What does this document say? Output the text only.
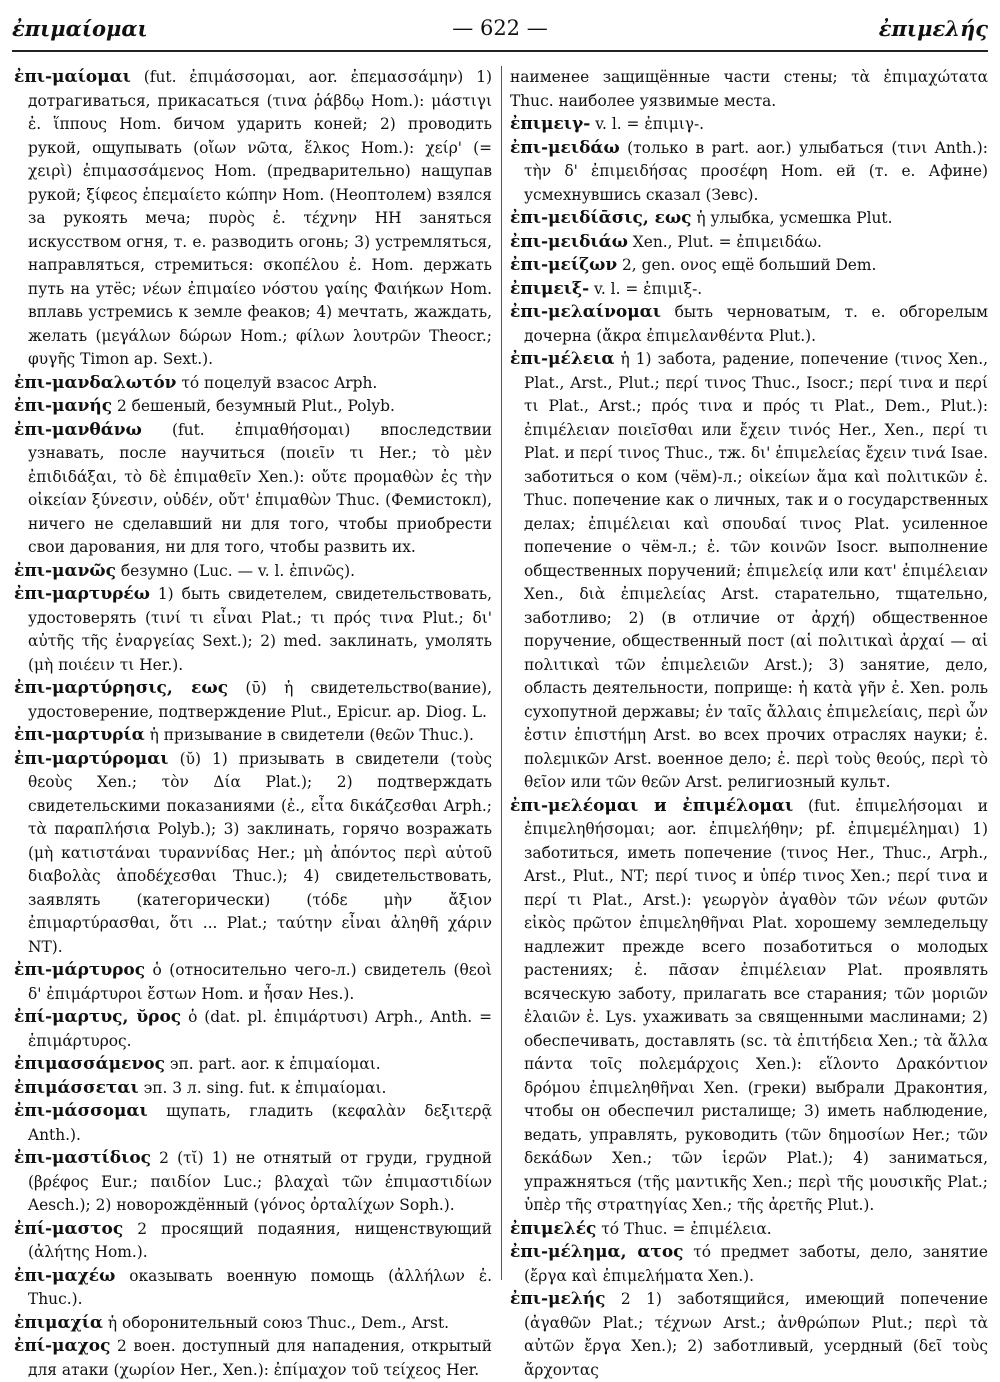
ἐπιμαίομαι	— 622 —	ἐπιμελής

ἐπι-μαίομαι (fut. ἐπιμάσσομαι, aor. ἐπεμασσάμην) 1) дотрагиваться, прикасаться (τινα ῥάβδῳ Hom.): μάστιγι ἐ. ἵππους Hom. бичом ударить коней; 2) проводить рукой, ощупывать (οἴων νῶτα, ἕλκος Hom.): χείρ' (= χειρὶ) ἐπιμασσάμενος Hom. (предварительно) нащупав рукой; ξίφεος ἐπεμαίετο κώπην Hom. (Неоптолем) взялся за рукоять меча; πυρὸς ἐ. τέχνην НН заняться искусством огня, т. е. разводить огонь; 3) устремляться, направляться, стремиться: σκοπέλου ἐ. Hom. держать путь на утёс; νέων ἐπιμαίεο νόστου γαίης Φαιήκων Hom. вплавь устремись к земле феаков; 4) мечтать, жаждать, желать (μεγάλων δώρων Hom.; φίλων λουτρῶν Theocr.; φυγῆς Timon ap. Sext.).

ἐπι-μανδαλωτόν τό поцелуй взасос Arph.

ἐπι-μανής 2 бешеный, безумный Plut., Polyb.

ἐπι-μανθάνω (fut. ἐπιμαθήσομαι) впоследствии узнавать, после научиться (ποιεῖν τι Her.; τὸ μὲν ἐπιδιδάξαι, τὸ δὲ ἐπιμαθεῖν Xen.): οὔτε προμαθὼν ἐς τὴν οἰκείαν ξύνεσιν, οὐδέν, οὔτ' ἐπιμαθὼν Thuc. (Фемистокл), ничего не сделавший ни для того, чтобы приобрести свои дарования, ни для того, чтобы развить их.

ἐπι-μανῶς безумно (Luc. — v. l. ἐπινῶς).

ἐπι-μαρτυρέω 1) быть свидетелем, свидетельствовать, удостоверять (τινί τι εἶναι Plat.; τι πρός τινα Plut.; δι' αὐτῆς τῆς ἐναργείας Sext.); 2) med. заклинать, умолять (μὴ ποιέειν τι Her.).

ἐπι-μαρτύρησις, εως (ῡ) ἡ свидетельство(вание), удостоверение, подтверждение Plut., Epicur. ap. Diog. L.

ἐπι-μαρτυρία ἡ призывание в свидетели (θεῶν Thuc.).

ἐπι-μαρτύρομαι (ῠ) 1) призывать в свидетели (τοὺς θεοὺς Xen.; τὸν Δία Plat.); 2) подтверждать свидетельскими показаниями (ἐ., εἶτα δικάζεσθαι Arph.; τὰ παραπλήσια Polyb.); 3) заклинать, горячо возражать (μὴ κατιστάναι τυραννίδας Her.; μὴ ἀπόντος περὶ αὐτοῦ διαβολὰς ἀποδέχεσθαι Thuc.); 4) свидетельствовать, заявлять (категорически) (τόδε μὴν ἄξιον ἐπιμαρτύρασθαι, ὅτι ... Plat.; ταύτην εἶναι ἀληθῆ χάριν NT).

ἐπι-μάρτυρος ὁ (относительно чего-л.) свидетель (θεοὶ δ' ἐπιμάρτυροι ἔστων Hom. и ἦσαν Hes.).

ἐπί-μαρτυς, ῠρος ὁ (dat. pl. ἐπιμάρτυσι) Arph., Anth. = ἐπιμάρτυρος.

ἐπιμασσάμενος эп. part. aor. к ἐπιμαίομαι.

ἐπιμάσσεται эп. 3 л. sing. fut. к ἐπιμαίομαι.

ἐπι-μάσσομαι щупать, гладить (κεφαλὰν δεξιτερᾷ Anth.).

ἐπι-μαστίδιος 2 (τῐ) 1) не отнятый от груди, грудной (βρέφος Eur.; παιδίον Luc.; βλαχαὶ τῶν ἐπιμαστιδίων Aesch.); 2) новорождённый (γόνος ὀρταλίχων Soph.).

ἐπί-μαστος 2 просящий подаяния, нищенствующий (ἀλήτης Hom.).

ἐπι-μαχέω оказывать военную помощь (ἀλλήλων ἐ. Thuc.).

ἐπιμαχία ἡ оборонительный союз Thuc., Dem., Arst.

ἐπί-μαχος 2 воен. доступный для нападения, открытый для атаки (χωρίον Her., Xen.): ἐπίμαχον τοῦ τείχεος Her.

наименее защищённые части стены; τὰ ἐπιμαχώτατα Thuc. наиболее уязвимые места.

ἐπιμειγ- v. l. = ἐπιμιγ-.

ἐπι-μειδάω (только в part. aor.) улыбаться (τινι Anth.): τὴν δ' ἐπιμειδήσας προσέφη Hom. ей (т. е. Афине) усмехнувшись сказал (Зевс).

ἐπι-μειδίᾱσις, εως ἡ улыбка, усмешка Plut.

ἐπι-μειδιάω Xen., Plut. = ἐπιμειδάω.

ἐπι-μείζων 2, gen. ονος ещё больший Dem.

ἐπιμειξ- v. l. = ἐπιμιξ-.

ἐπι-μελαίνομαι быть черноватым, т. е. обгорелым дочерна (ἄκρα ἐπιμελανθέντα Plut.).

ἐπι-μέλεια ἡ 1) забота, радение, попечение (τινος Xen., Plat., Arst., Plut.; περί τινος Thuc., Isocr.; περί τινα и περί τι Plat., Arst.; πρός τινα и πρός τι Plat., Dem., Plut.): ἐπιμέλειαν ποιεῖσθαι или ἔχειν τινός Her., Xen., περί τι Plat. и περί τινος Thuc., тж. δι' ἐπιμελείας ἔχειν τινά Isae. заботиться о ком (чём)-л.; οἰκείων ἅμα καὶ πολιτικῶν ἐ. Thuc. попечение как о личных, так и о государственных делах; ἐπιμέλειαι καὶ σπουδαί τινος Plat. усиленное попечение о чём-л.; ἐ. τῶν κοινῶν Isocr. выполнение общественных поручений; ἐπιμελείᾳ или κατ' ἐπιμέλειαν Xen., διὰ ἐπιμελείας Arst. старательно, тщательно, заботливо; 2) (в отличие от ἀρχή) общественное поручение, общественный пост (αἱ πολιτικαὶ ἀρχαί — αἱ πολιτικαὶ τῶν ἐπιμελειῶν Arst.); 3) занятие, дело, область деятельности, поприще: ἡ κατὰ γῆν ἐ. Xen. роль сухопутной державы; ἐν ταῖς ἄλλαις ἐπιμελείαις, περὶ ὧν ἐστιν ἐπιστήμη Arst. во всех прочих отраслях науки; ἐ. πολεμικῶν Arst. военное дело; ἐ. περὶ τοὺς θεούς, περὶ τὸ θεῖον или τῶν θεῶν Arst. религиозный культ.

ἐπι-μελέομαι и ἐπιμέλομαι (fut. ἐπιμελήσομαι и ἐπιμεληθήσομαι; aor. ἐπιμελήθην; pf. ἐπιμεμέλημαι) 1) заботиться, иметь попечение (τινος Her., Thuc., Arph., Arst., Plut., NT; περί τινος и ὑπέρ τινος Xen.; περί τινα и περί τι Plat., Arst.): γεωργὸν ἀγαθὸν τῶν νέων φυτῶν εἰκὸς πρῶτον ἐπιμεληθῆναι Plat. хорошему земледельцу надлежит прежде всего позаботиться о молодых растениях; ἐ. πᾶσαν ἐπιμέλειαν Plat. проявлять всяческую заботу, прилагать все старания; τῶν μοριῶν ἐλαιῶν ἐ. Lys. ухаживать за священными маслинами; 2) обеспечивать, доставлять (sc. τὰ ἐπιτήδεια Xen.; τὰ ἄλλα πάντα τοῖς πολεμάρχοις Xen.): εἵλοντο Δρακόντιον δρόμου ἐπιμεληθῆναι Xen. (греки) выбрали Драконтия, чтобы он обеспечил ристалище; 3) иметь наблюдение, ведать, управлять, руководить (τῶν δημοσίων Her.; τῶν δεκάδων Xen.; τῶν ἱερῶν Plat.); 4) заниматься, упражняться (τῆς μαντικῆς Xen.; περὶ τῆς μουσικῆς Plat.; ὑπὲρ τῆς στρατηγίας Xen.; τῆς ἀρετῆς Plut.).

ἐπιμελές τό Thuc. = ἐπιμέλεια.

ἐπι-μέλημα, ατος τό предмет заботы, дело, занятие (ἔργα καὶ ἐπιμελήματα Xen.).

ἐπι-μελής 2 1) заботящийся, имеющий попечение (ἀγαθῶν Plat.; τέχνων Arst.; ἀνθρώπων Plut.; περὶ τὰ αὐτῶν ἔργα Xen.); 2) заботливый, усердный (δεῖ τοὺς ἄρχοντας
